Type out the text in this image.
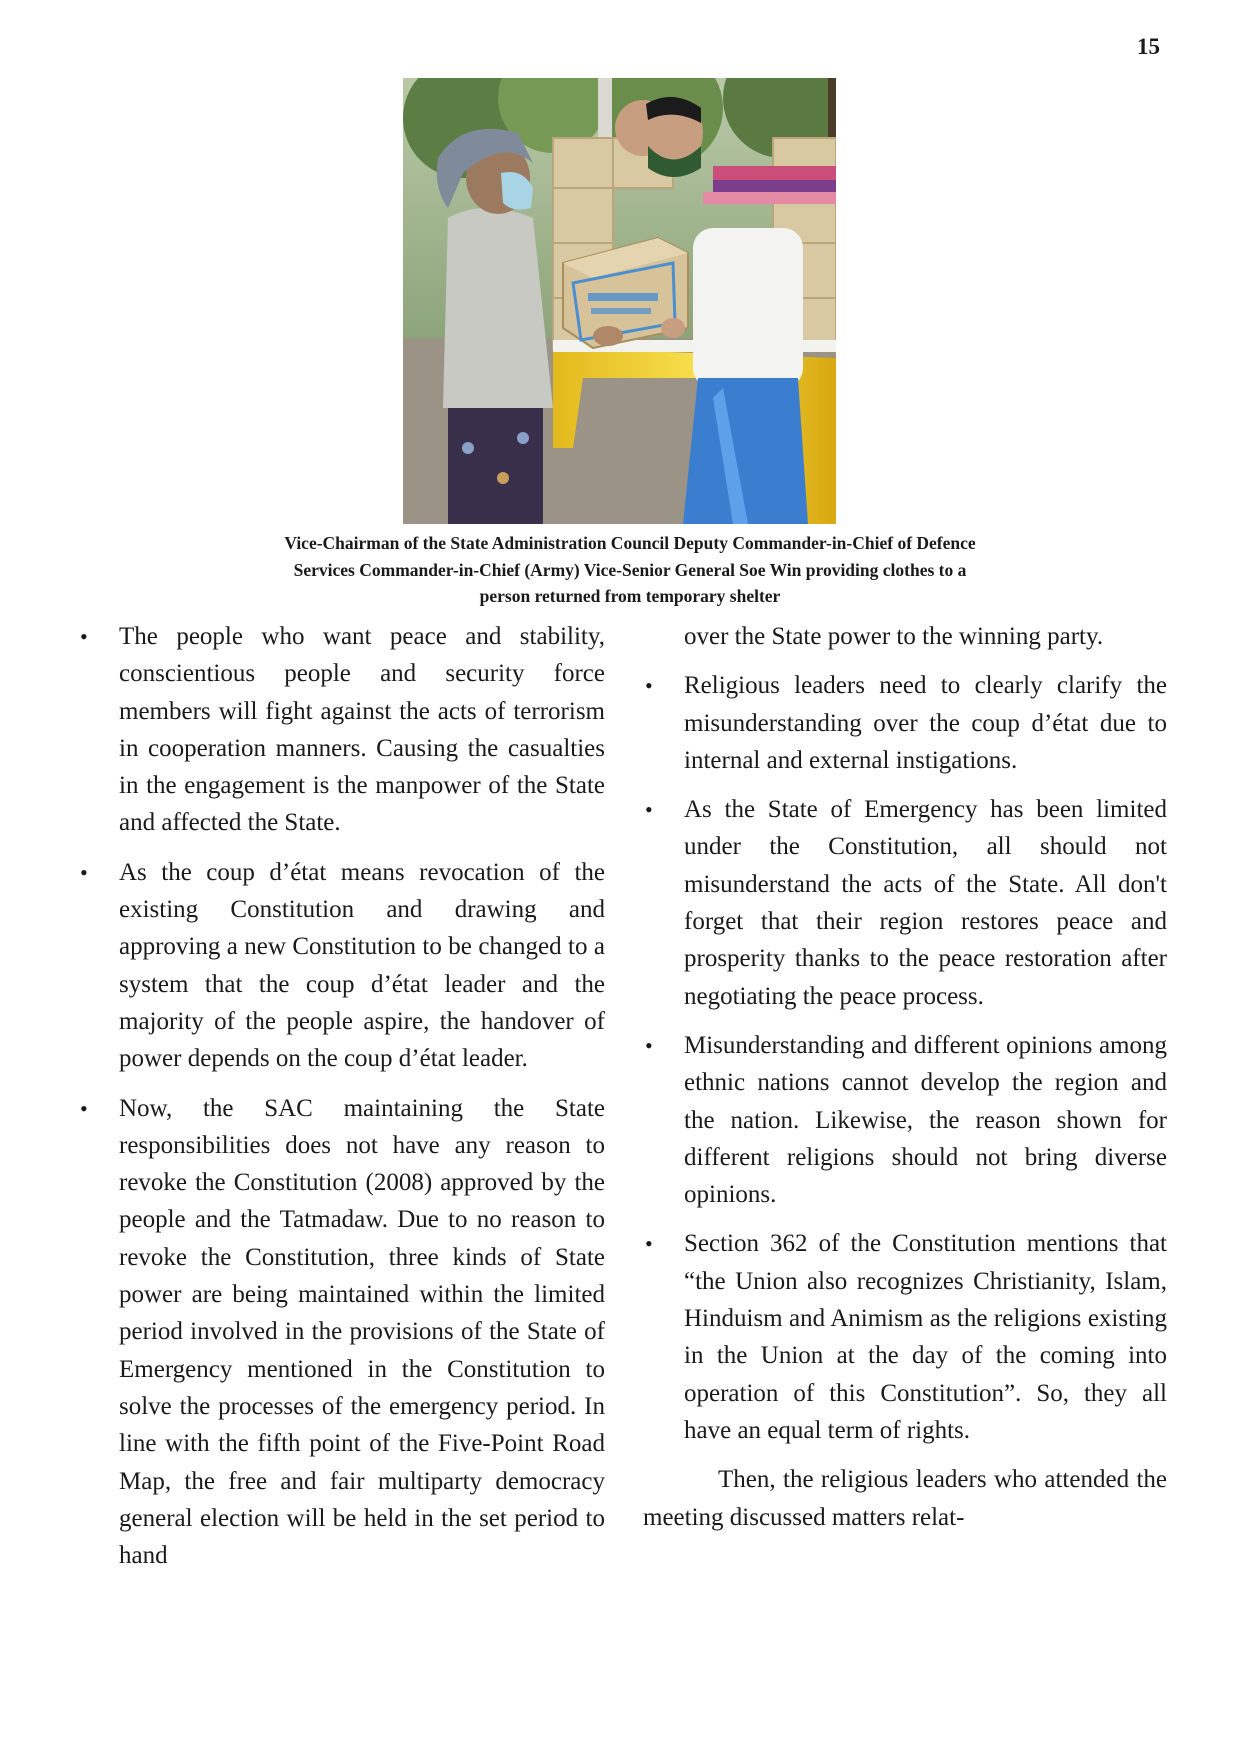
15
Vice-Chairman of the State Administration Council Deputy Commander-in-Chief of Defence
Services Commander-in-Chief (Army) Vice-Senior General Soe Win providing clothes to a
person returned from temporary shelter
• The people who want peace and stability, conscientious people and security force members will fight against the acts of terrorism in cooperation manners. Causing the casualties in the engagement is the manpower of the State and affected the State.
• As the coup d’état means revocation of the existing Constitution and drawing and approving a new Constitution to be changed to a system that the coup d’état leader and the majority of the people aspire, the handover of power depends on the coup d’état leader.
• Now, the SAC maintaining the State responsibilities does not have any reason to revoke the Constitution (2008) approved by the people and the Tatmadaw. Due to no reason to revoke the Constitution, three kinds of State power are being maintained within the limited period involved in the provisions of the State of Emergency mentioned in the Constitution to solve the processes of the emergency period. In line with the fifth point of the Five-Point Road Map, the free and fair multiparty democracy general election will be held in the set period to hand
over the State power to the winning party.
• Religious leaders need to clearly clarify the misunderstanding over the coup d’état due to internal and external instigations.
• As the State of Emergency has been limited under the Constitution, all should not misunderstand the acts of the State. All don't forget that their region restores peace and prosperity thanks to the peace restoration after negotiating the peace process.
• Misunderstanding and different opinions among ethnic nations cannot develop the region and the nation. Likewise, the reason shown for different religions should not bring diverse opinions.
• Section 362 of the Constitution mentions that “the Union also recognizes Christianity, Islam, Hinduism and Animism as the religions existing in the Union at the day of the coming into operation of this Constitution”. So, they all have an equal term of rights.

Then, the religious leaders who attended the meeting discussed matters relat-
